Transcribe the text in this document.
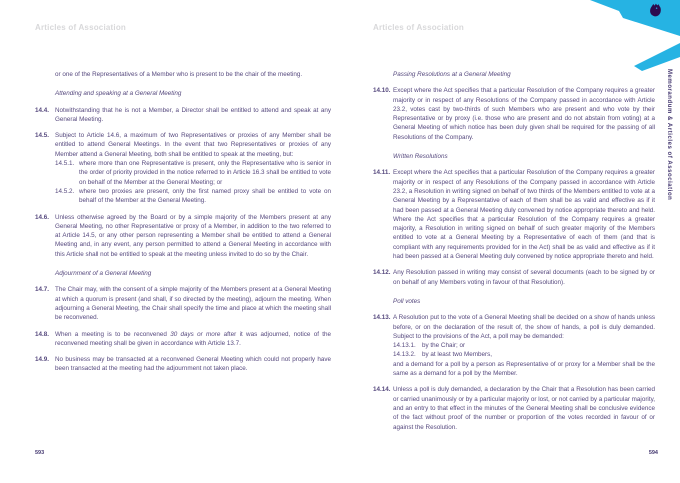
Articles of Association	Articles of Association
Memorandum & Articles of Association
or one of the Representatives of a Member who is present to be the chair of the meeting.
Attending and speaking at a General Meeting
14.4. Notwithstanding that he is not a Member, a Director shall be entitled to attend and speak at any General Meeting.
14.5. Subject to Article 14.6, a maximum of two Representatives or proxies of any Member shall be entitled to attend General Meetings. In the event that two Representatives or proxies of any Member attend a General Meeting, both shall be entitled to speak at the meeting, but:
14.5.1. where more than one Representative is present, only the Representative who is senior in the order of priority provided in the notice referred to in Article 16.3 shall be entitled to vote on behalf of the Member at the General Meeting; or
14.5.2. where two proxies are present, only the first named proxy shall be entitled to vote on behalf of the Member at the General Meeting.
14.6. Unless otherwise agreed by the Board or by a simple majority of the Members present at any General Meeting, no other Representative or proxy of a Member, in addition to the two referred to at Article 14.5, or any other person representing a Member shall be entitled to attend a General Meeting and, in any event, any person permitted to attend a General Meeting in accordance with this Article shall not be entitled to speak at the meeting unless invited to do so by the Chair.
Adjournment of a General Meeting
14.7. The Chair may, with the consent of a simple majority of the Members present at a General Meeting at which a quorum is present (and shall, if so directed by the meeting), adjourn the meeting. When adjourning a General Meeting, the Chair shall specify the time and place at which the meeting shall be reconvened.
14.8. When a meeting is to be reconvened 30 days or more after it was adjourned, notice of the reconvened meeting shall be given in accordance with Article 13.7.
14.9. No business may be transacted at a reconvened General Meeting which could not properly have been transacted at the meeting had the adjournment not taken place.
Passing Resolutions at a General Meeting
14.10. Except where the Act specifies that a particular Resolution of the Company requires a greater majority or in respect of any Resolutions of the Company passed in accordance with Article 23.2, votes cast by two-thirds of such Members who are present and who vote by their Representative or by proxy (i.e. those who are present and do not abstain from voting) at a General Meeting of which notice has been duly given shall be required for the passing of all Resolutions of the Company.
Written Resolutions
14.11. Except where the Act specifies that a particular Resolution of the Company requires a greater majority or in respect of any Resolutions of the Company passed in accordance with Article 23.2, a Resolution in writing signed on behalf of two thirds of the Members entitled to vote at a General Meeting by a Representative of each of them shall be as valid and effective as if it had been passed at a General Meeting duly convened by notice appropriate thereto and held. Where the Act specifies that a particular Resolution of the Company requires a greater majority, a Resolution in writing signed on behalf of such greater majority of the Members entitled to vote at a General Meeting by a Representative of each of them (and that is compliant with any requirements provided for in the Act) shall be as valid and effective as if it had been passed at a General Meeting duly convened by notice appropriate thereto and held.
14.12. Any Resolution passed in writing may consist of several documents (each to be signed by or on behalf of any Members voting in favour of that Resolution).
Poll votes
14.13. A Resolution put to the vote of a General Meeting shall be decided on a show of hands unless before, or on the declaration of the result of, the show of hands, a poll is duly demanded. Subject to the provisions of the Act, a poll may be demanded:
14.13.1. by the Chair; or
14.13.2. by at least two Members,
and a demand for a poll by a person as Representative of or proxy for a Member shall be the same as a demand for a poll by the Member.
14.14. Unless a poll is duly demanded, a declaration by the Chair that a Resolution has been carried or carried unanimously or by a particular majority or lost, or not carried by a particular majority, and an entry to that effect in the minutes of the General Meeting shall be conclusive evidence of the fact without proof of the number or proportion of the votes recorded in favour of or against the Resolution.
593	594
